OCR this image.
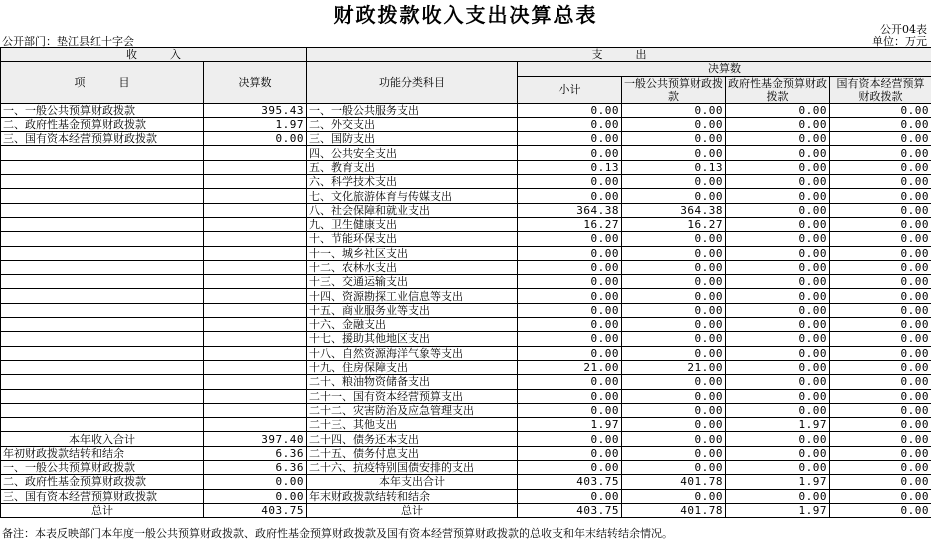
财政拨款收入支出决算总表
公开04表
公开部门：垫江县红十字会	单位：万元
收　　　入		支　　　出				
项　　　目	决算数	功能分类科目	决算数			
			小计	一般公共预算财政拨款	政府性基金预算财政拨款	国有资本经营预算财政拨款

一、一般公共预算财政拨款	395.43	一、一般公共服务支出	0.00	0.00	0.00	0.00
二、政府性基金预算财政拨款	1.97	二、外交支出	0.00	0.00	0.00	0.00
三、国有资本经营预算财政拨款	0.00	三、国防支出	0.00	0.00	0.00	0.00
		四、公共安全支出	0.00	0.00	0.00	0.00
		五、教育支出	0.13	0.13	0.00	0.00
		六、科学技术支出	0.00	0.00	0.00	0.00
		七、文化旅游体育与传媒支出	0.00	0.00	0.00	0.00
		八、社会保障和就业支出	364.38	364.38	0.00	0.00
		九、卫生健康支出	16.27	16.27	0.00	0.00
		十、节能环保支出	0.00	0.00	0.00	0.00
		十一、城乡社区支出	0.00	0.00	0.00	0.00
		十二、农林水支出	0.00	0.00	0.00	0.00
		十三、交通运输支出	0.00	0.00	0.00	0.00
		十四、资源勘探工业信息等支出	0.00	0.00	0.00	0.00
		十五、商业服务业等支出	0.00	0.00	0.00	0.00
		十六、金融支出	0.00	0.00	0.00	0.00
		十七、援助其他地区支出	0.00	0.00	0.00	0.00
		十八、自然资源海洋气象等支出	0.00	0.00	0.00	0.00
		十九、住房保障支出	21.00	21.00	0.00	0.00
		二十、粮油物资储备支出	0.00	0.00	0.00	0.00
		二十一、国有资本经营预算支出	0.00	0.00	0.00	0.00
		二十二、灾害防治及应急管理支出	0.00	0.00	0.00	0.00
		二十三、其他支出	1.97	0.00	1.97	0.00
本年收入合计	397.40	二十四、债务还本支出	0.00	0.00	0.00	0.00
年初财政拨款结转和结余	6.36	二十五、债务付息支出	0.00	0.00	0.00	0.00
一、一般公共预算财政拨款	6.36	二十六、抗疫特别国债安排的支出	0.00	0.00	0.00	0.00
二、政府性基金预算财政拨款	0.00	本年支出合计	403.75	401.78	1.97	0.00
三、国有资本经营预算财政拨款	0.00	年末财政拨款结转和结余	0.00	0.00	0.00	0.00
总计	403.75	总计	403.75	401.78	1.97	0.00
备注：本表反映部门本年度一般公共预算财政拨款、政府性基金预算财政拨款及国有资本经营预算财政拨款的总收支和年末结转结余情况。
